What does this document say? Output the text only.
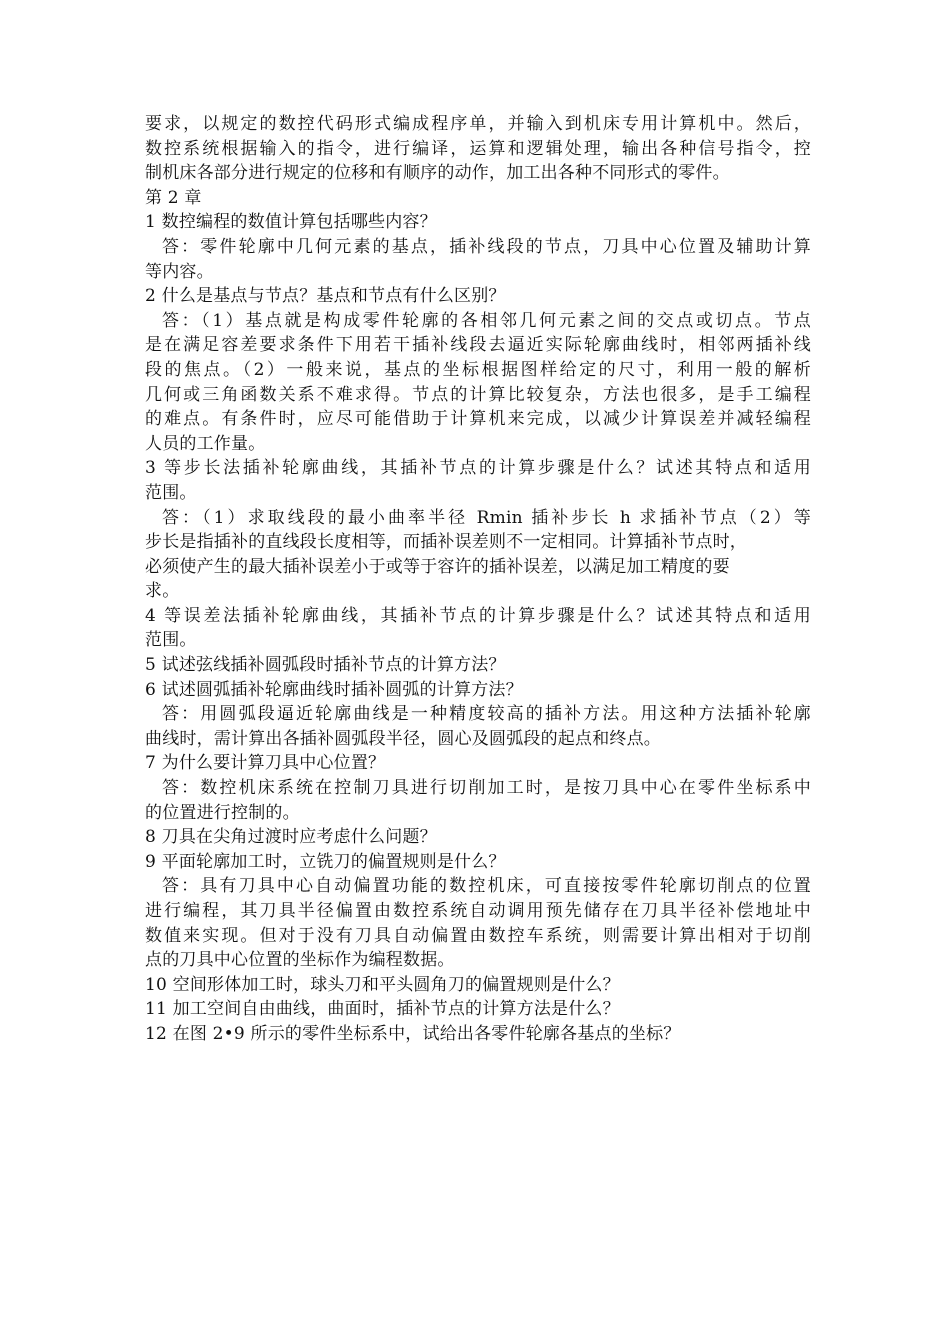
要求，以规定的数控代码形式编成程序单，并输入到机床专用计算机中。然后，
数控系统根据输入的指令，进行编译，运算和逻辑处理，输出各种信号指令，控
制机床各部分进行规定的位移和有顺序的动作，加工出各种不同形式的零件。
第 2 章
1 数控编程的数值计算包括哪些内容？
答：零件轮廓中几何元素的基点，插补线段的节点，刀具中心位置及辅助计算
等内容。
2 什么是基点与节点？基点和节点有什么区别？
答：（1）基点就是构成零件轮廓的各相邻几何元素之间的交点或切点。节点
是在满足容差要求条件下用若干插补线段去逼近实际轮廓曲线时，相邻两插补线
段的焦点。（2）一般来说，基点的坐标根据图样给定的尺寸，利用一般的解析
几何或三角函数关系不难求得。节点的计算比较复杂，方法也很多，是手工编程
的难点。有条件时，应尽可能借助于计算机来完成，以减少计算误差并减轻编程
人员的工作量。
3 等步长法插补轮廓曲线，其插补节点的计算步骤是什么？试述其特点和适用
范围。
答：（1）求取线段的最小曲率半径 Rmin 插补步长 h 求插补节点（2）等
步长是指插补的直线段长度相等，而插补误差则不一定相同。计算插补节点时，
必须使产生的最大插补误差小于或等于容许的插补误差，以满足加工精度的要
求。
4 等误差法插补轮廓曲线，其插补节点的计算步骤是什么？试述其特点和适用
范围。
5 试述弦线插补圆弧段时插补节点的计算方法？
6 试述圆弧插补轮廓曲线时插补圆弧的计算方法？
答：用圆弧段逼近轮廓曲线是一种精度较高的插补方法。用这种方法插补轮廓
曲线时，需计算出各插补圆弧段半径，圆心及圆弧段的起点和终点。
7 为什么要计算刀具中心位置？
答：数控机床系统在控制刀具进行切削加工时，是按刀具中心在零件坐标系中
的位置进行控制的。
8 刀具在尖角过渡时应考虑什么问题？
9 平面轮廓加工时，立铣刀的偏置规则是什么？
答：具有刀具中心自动偏置功能的数控机床，可直接按零件轮廓切削点的位置
进行编程，其刀具半径偏置由数控系统自动调用预先储存在刀具半径补偿地址中
数值来实现。但对于没有刀具自动偏置由数控车系统，则需要计算出相对于切削
点的刀具中心位置的坐标作为编程数据。
10 空间形体加工时，球头刀和平头圆角刀的偏置规则是什么？
11 加工空间自由曲线，曲面时，插补节点的计算方法是什么？
12 在图 2•9 所示的零件坐标系中，试给出各零件轮廓各基点的坐标？
